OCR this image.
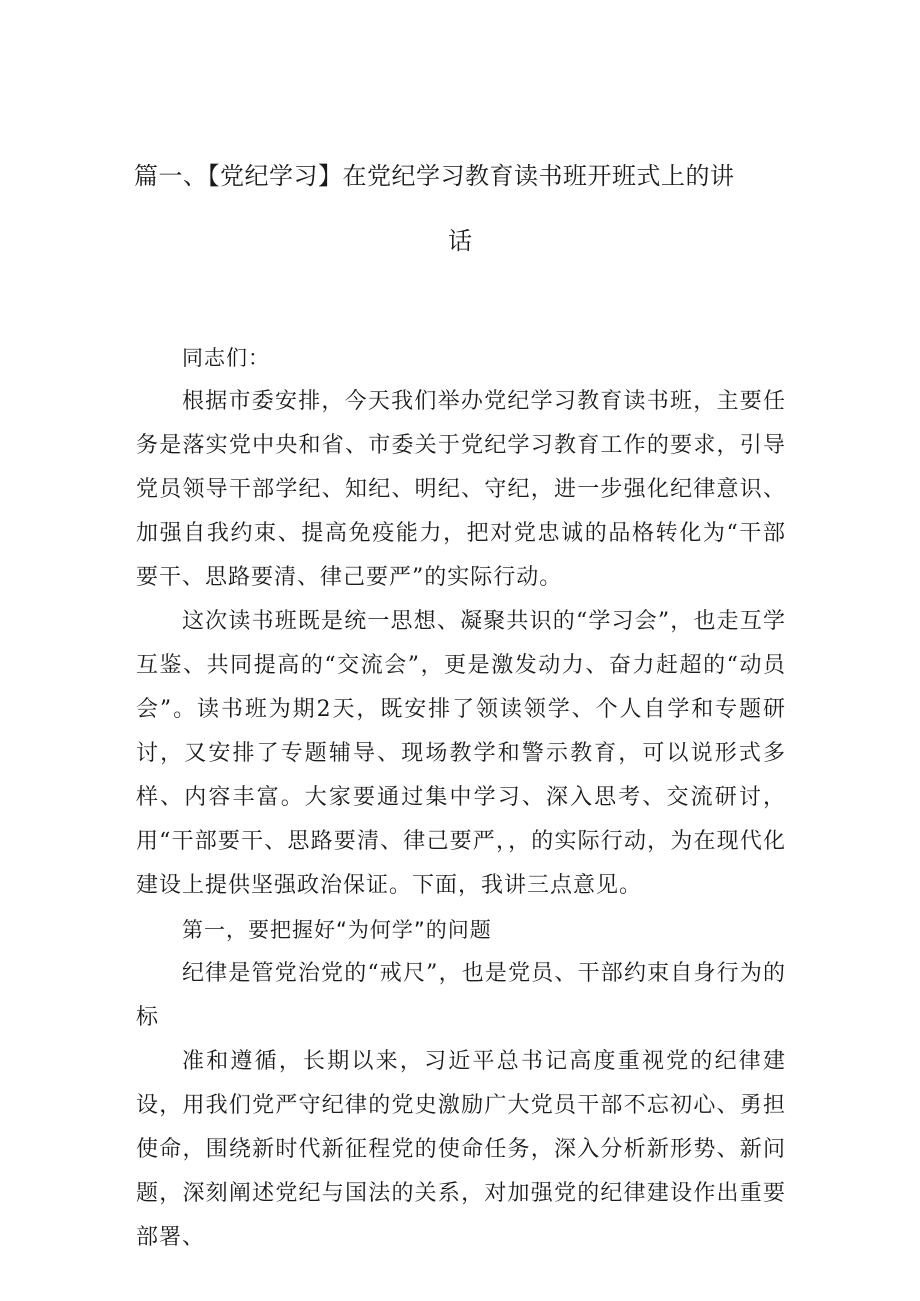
篇一、【党纪学习】在党纪学习教育读书班开班式上的讲
话

同志们：

根据市委安排，今天我们举办党纪学习教育读书班，主要任务是落实党中央和省、市委关于党纪学习教育工作的要求，引导党员领导干部学纪、知纪、明纪、守纪，进一步强化纪律意识、加强自我约束、提高免疫能力，把对党忠诚的品格转化为“干部要干、思路要清、律己要严”的实际行动。

这次读书班既是统一思想、凝聚共识的“学习会”，也走互学互鉴、共同提高的“交流会”，更是激发动力、奋力赶超的“动员会”。读书班为期2天，既安排了领读领学、个人自学和专题研讨，又安排了专题辅导、现场教学和警示教育，可以说形式多样、内容丰富。大家要通过集中学习、深入思考、交流研讨，用“干部要干、思路要清、律己要严，，的实际行动，为在现代化建设上提供坚强政治保证。下面，我讲三点意见。

第一，要把握好“为何学”的问题

纪律是管党治党的“戒尺”，也是党员、干部约束自身行为的标

准和遵循，长期以来，习近平总书记高度重视党的纪律建设，用我们党严守纪律的党史激励广大党员干部不忘初心、勇担使命，围绕新时代新征程党的使命任务，深入分析新形势、新问题，深刻阐述党纪与国法的关系，对加强党的纪律建设作出重要部署、
